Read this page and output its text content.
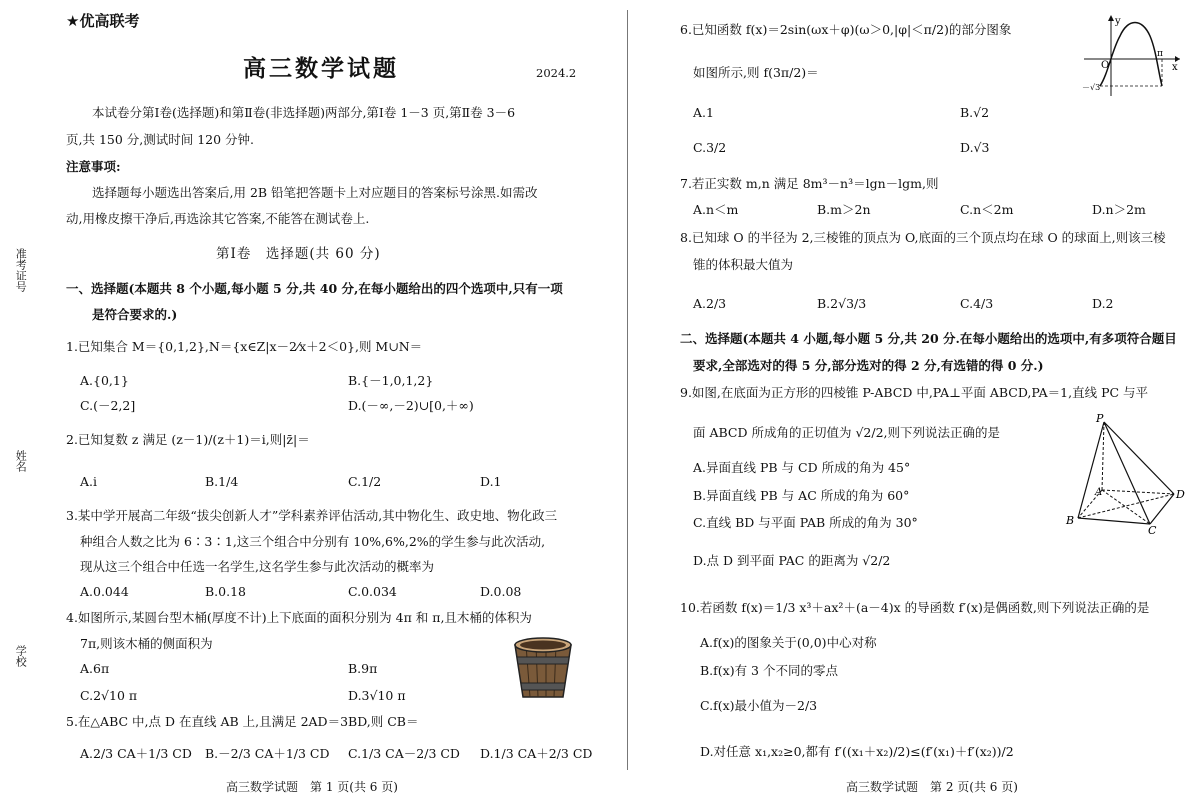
准考证号
姓名
学校
★优高联考
高三数学试题	2024.2
本试卷分第Ⅰ卷(选择题)和第Ⅱ卷(非选择题)两部分,第Ⅰ卷 1－3 页,第Ⅱ卷 3－6
页,共 150 分,测试时间 120 分钟.
注意事项:
选择题每小题选出答案后,用 2B 铅笔把答题卡上对应题目的答案标号涂黑.如需改
动,用橡皮擦干净后,再选涂其它答案,不能答在测试卷上.
第Ⅰ卷　选择题(共 60 分)
一、选择题(本题共 8 个小题,每小题 5 分,共 40 分,在每小题给出的四个选项中,只有一项
是符合要求的.)
1.已知集合 M＝{0,1,2},N＝{x∈Z|x－2⁄x＋2＜0},则 M∪N＝
A.{0,1}	B.{－1,0,1,2}
C.(－2,2]	D.(－∞,－2)∪[0,＋∞)
2.已知复数 z 满足 (z－1)/(z＋1)＝i,则|z̄|＝
A.i	B.1/4	C.1/2	D.1
3.某中学开展高二年级“拔尖创新人才”学科素养评估活动,其中物化生、政史地、物化政三
种组合人数之比为 6∶3∶1,这三个组合中分别有 10%,6%,2%的学生参与此次活动,
现从这三个组合中任选一名学生,这名学生参与此次活动的概率为
A.0.044	B.0.18	C.0.034	D.0.08
4.如图所示,某圆台型木桶(厚度不计)上下底面的面积分别为 4π 和 π,且木桶的体积为
7π,则该木桶的侧面积为
A.6π	B.9π
C.2√10 π	D.3√10 π
5.在△ABC 中,点 D 在直线 AB 上,且满足 2AD＝3BD,则 CB＝
A.2/3 CA＋1/3 CD B.－2/3 CA＋1/3 CD C.1/3 CA－2/3 CD D.1/3 CA＋2/3 CD
高三数学试题　第 1 页(共 6 页)
6.已知函数 f(x)＝2sin(ωx＋φ)(ω＞0,|φ|＜π/2)的部分图象
如图所示,则 f(3π/2)＝
A.1	B.√2
C.3/2	D.√3
y
x
O
π
－√3
7.若正实数 m,n 满足 8m³－n³＝lgn－lgm,则
A.n＜m	B.m＞2n	C.n＜2m	D.n＞2m
8.已知球 O 的半径为 2,三棱锥的顶点为 O,底面的三个顶点均在球 O 的球面上,则该三棱
锥的体积最大值为
A.2/3	B.2√3/3	C.4/3	D.2
二、选择题(本题共 4 小题,每小题 5 分,共 20 分.在每小题给出的选项中,有多项符合题目
要求,全部选对的得 5 分,部分选对的得 2 分,有选错的得 0 分.)
9.如图,在底面为正方形的四棱锥 P-ABCD 中,PA⊥平面 ABCD,PA＝1,直线 PC 与平
面 ABCD 所成角的正切值为 √2/2,则下列说法正确的是
A.异面直线 PB 与 CD 所成的角为 45°
B.异面直线 PB 与 AC 所成的角为 60°
C.直线 BD 与平面 PAB 所成的角为 30°
D.点 D 到平面 PAC 的距离为 √2/2
P
A
B
C
D
10.若函数 f(x)＝1/3 x³＋ax²＋(a－4)x 的导函数 f′(x)是偶函数,则下列说法正确的是
A.f(x)的图象关于(0,0)中心对称
B.f(x)有 3 个不同的零点
C.f(x)最小值为－2/3
D.对任意 x₁,x₂≥0,都有 f′((x₁＋x₂)/2)≤(f′(x₁)＋f′(x₂))/2
高三数学试题　第 2 页(共 6 页)
